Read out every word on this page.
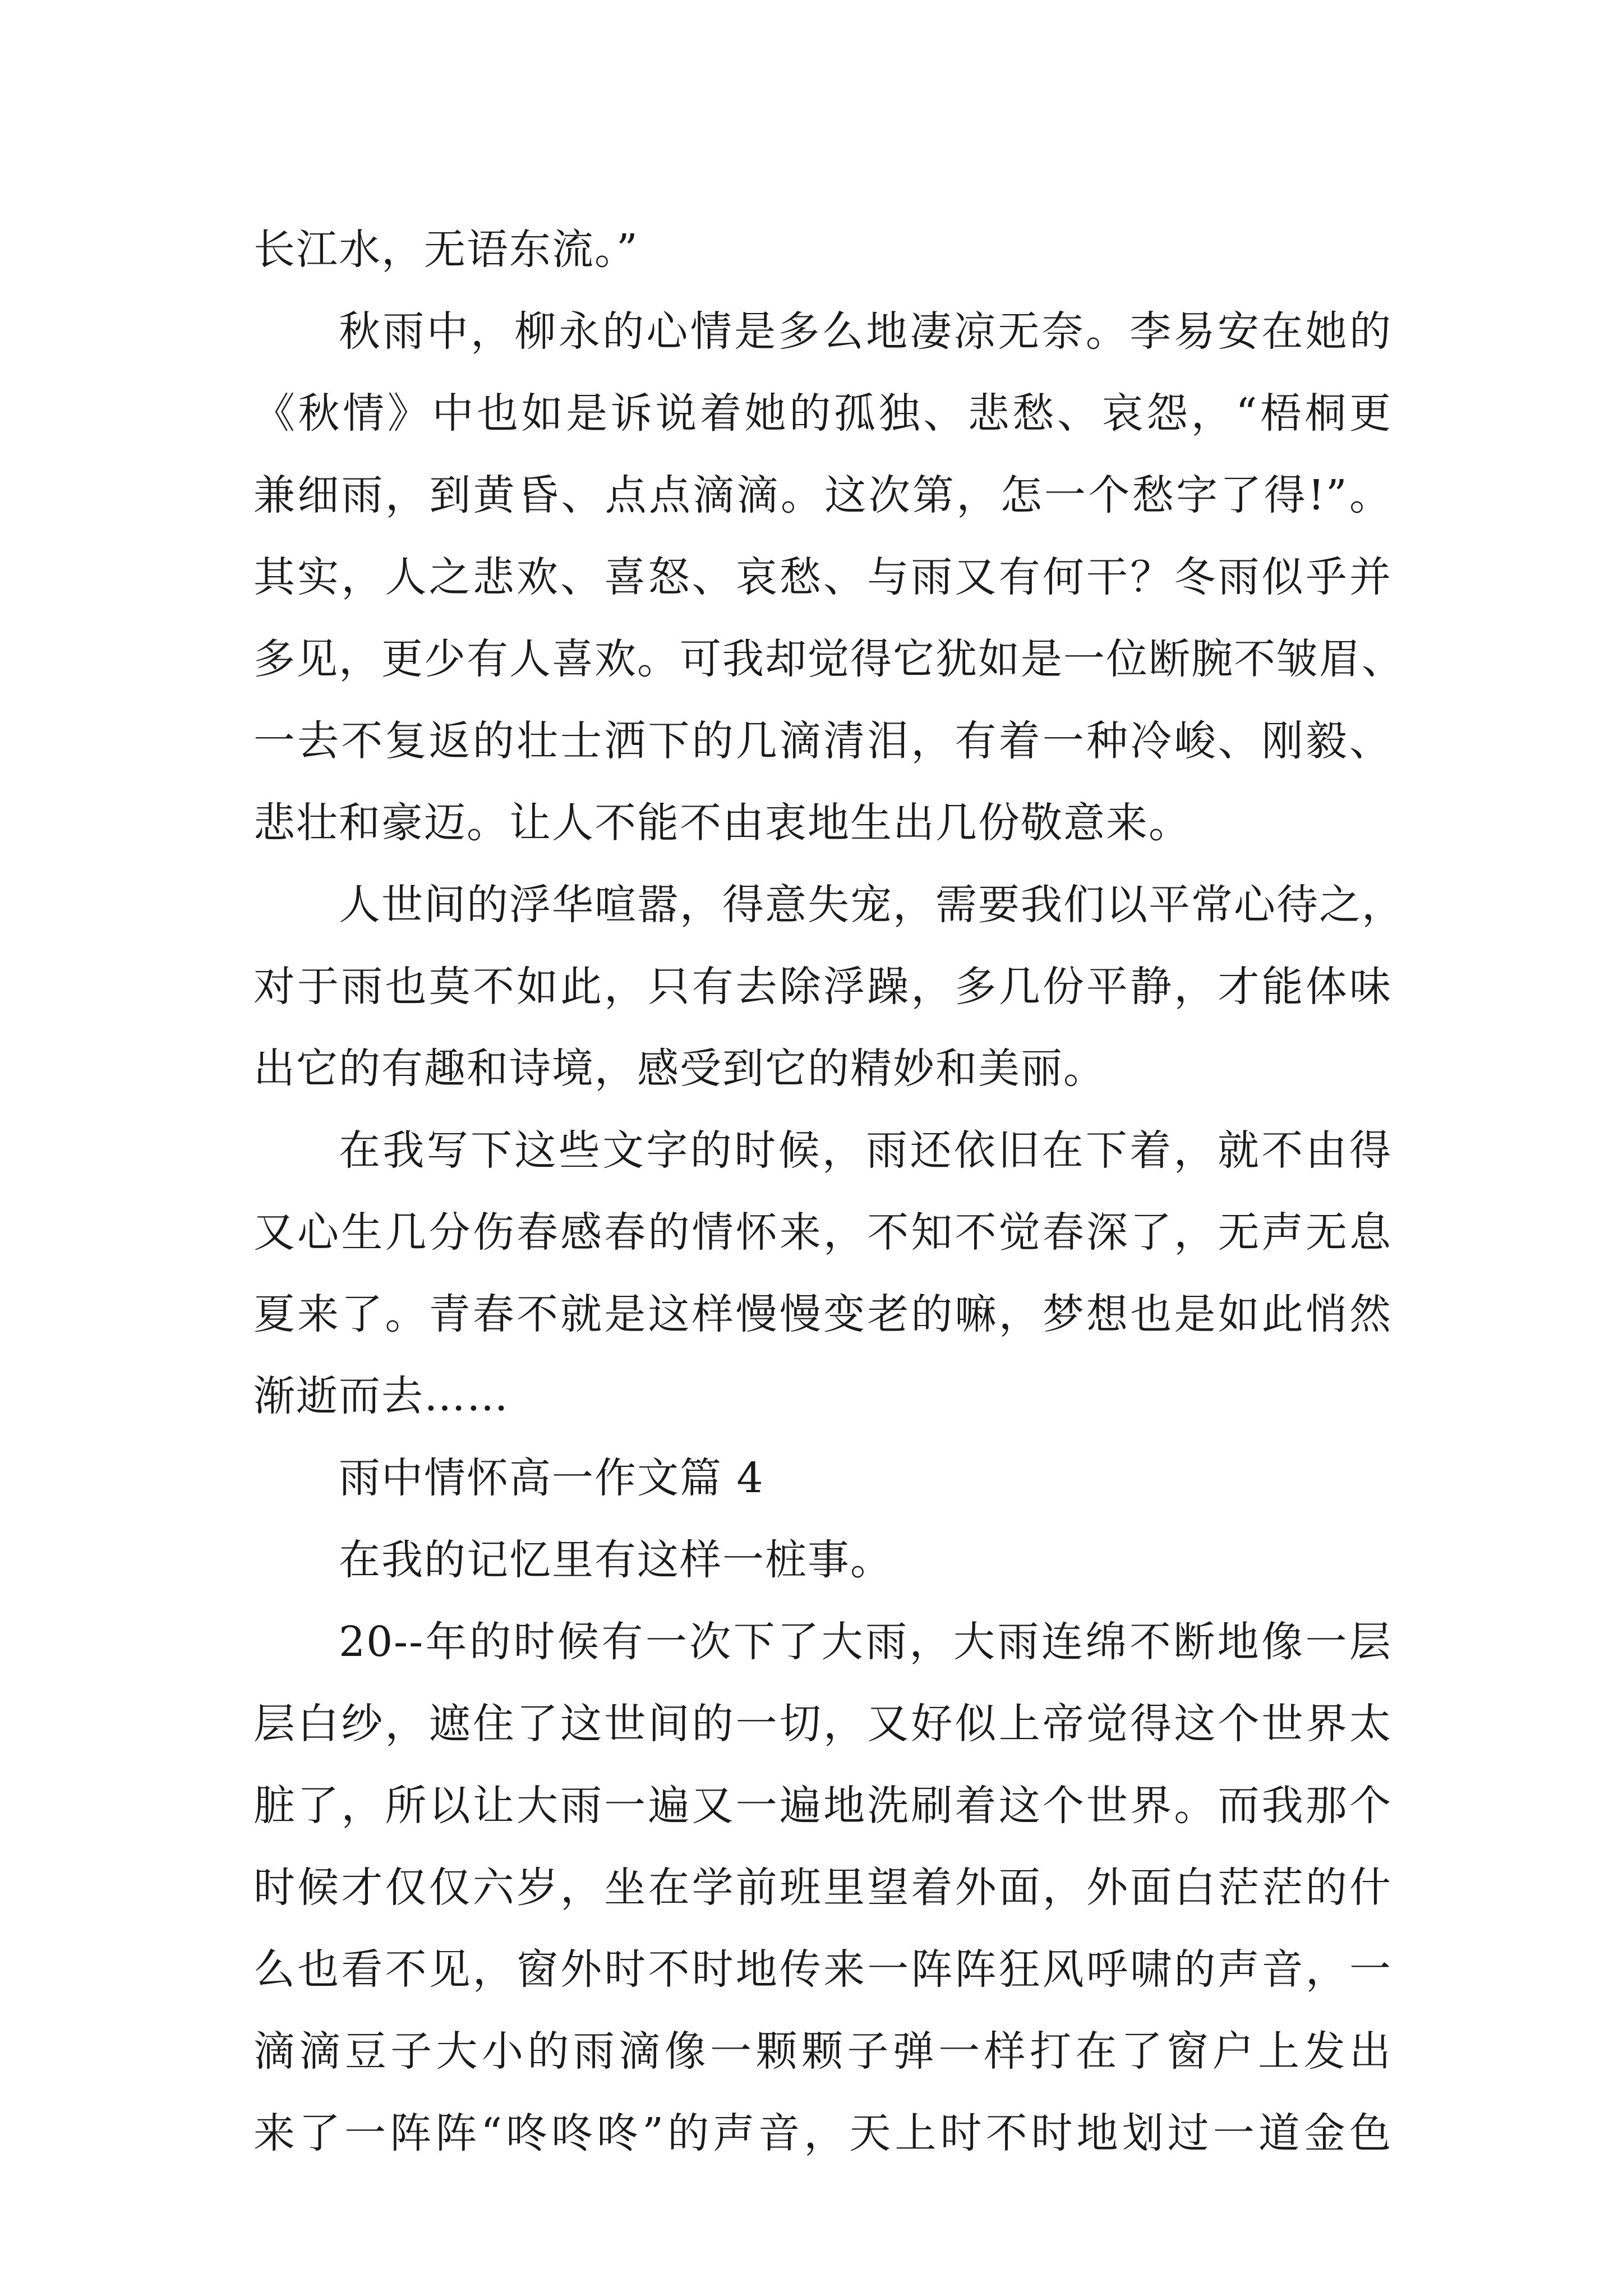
长江水，无语东流。”
秋雨中，柳永的心情是多么地凄凉无奈。李易安在她的
《秋情》中也如是诉说着她的孤独、悲愁、哀怨，“梧桐更
兼细雨，到黄昏、点点滴滴。这次第，怎一个愁字了得!”。
其实，人之悲欢、喜怒、哀愁、与雨又有何干？冬雨似乎并
多见，更少有人喜欢。可我却觉得它犹如是一位断腕不皱眉、
一去不复返的壮士洒下的几滴清泪，有着一种冷峻、刚毅、
悲壮和豪迈。让人不能不由衷地生出几份敬意来。
人世间的浮华喧嚣，得意失宠，需要我们以平常心待之，
对于雨也莫不如此，只有去除浮躁，多几份平静，才能体味
出它的有趣和诗境，感受到它的精妙和美丽。
在我写下这些文字的时候，雨还依旧在下着，就不由得
又心生几分伤春感春的情怀来，不知不觉春深了，无声无息
夏来了。青春不就是这样慢慢变老的嘛，梦想也是如此悄然
渐逝而去……
雨中情怀高一作文篇 4
在我的记忆里有这样一桩事。
20--年的时候有一次下了大雨，大雨连绵不断地像一层
层白纱，遮住了这世间的一切，又好似上帝觉得这个世界太
脏了，所以让大雨一遍又一遍地洗刷着这个世界。而我那个
时候才仅仅六岁，坐在学前班里望着外面，外面白茫茫的什
么也看不见，窗外时不时地传来一阵阵狂风呼啸的声音，一
滴滴豆子大小的雨滴像一颗颗子弹一样打在了窗户上发出
来了一阵阵“咚咚咚”的声音，天上时不时地划过一道金色
